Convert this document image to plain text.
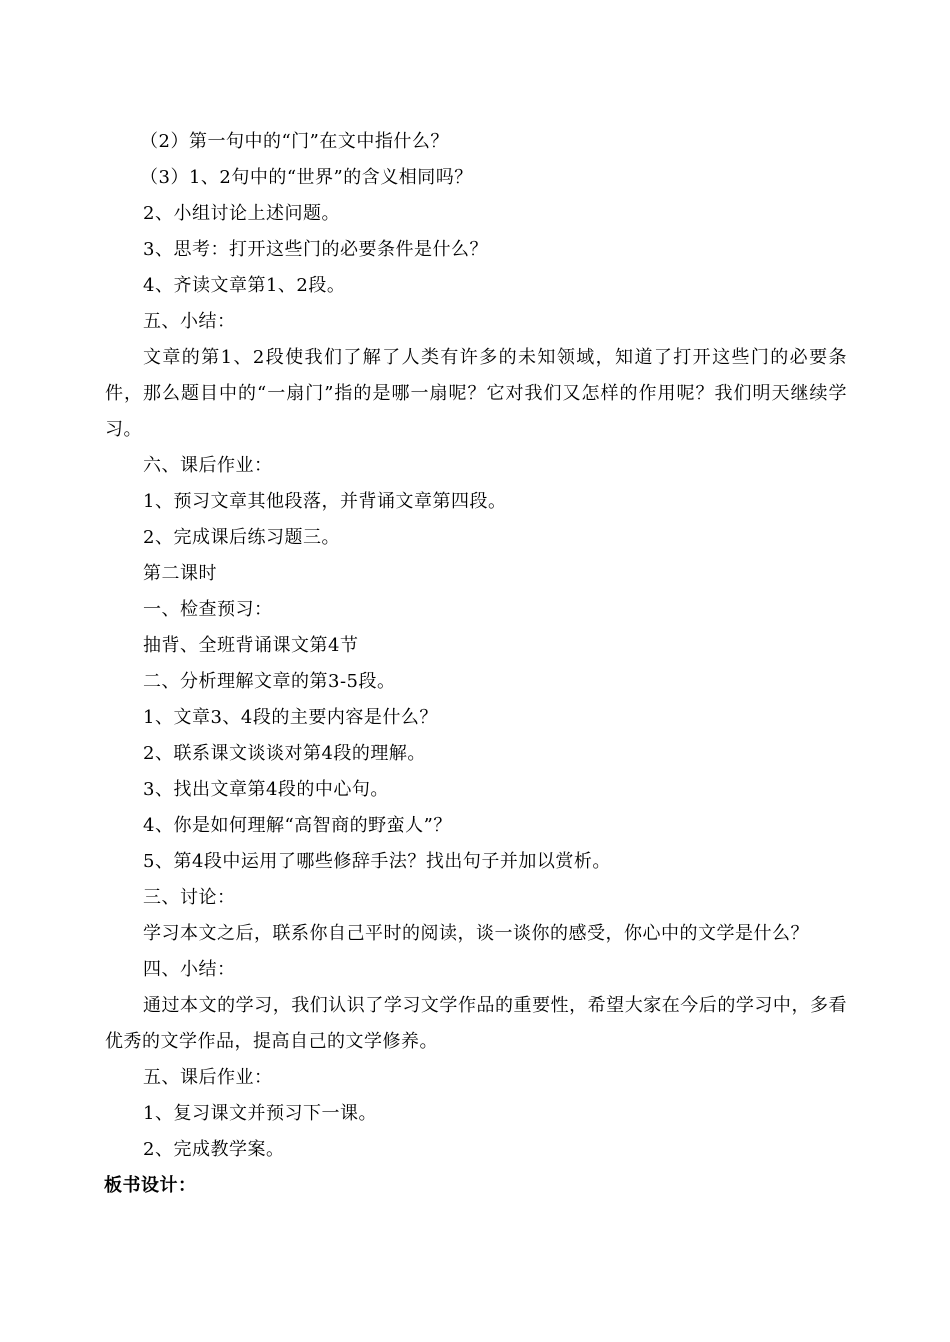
（2）第一句中的“门”在文中指什么？
（3）1、2句中的“世界”的含义相同吗？
2、小组讨论上述问题。
3、思考：打开这些门的必要条件是什么？
4、齐读文章第1、2段。
五、小结：
文章的第1、2段使我们了解了人类有许多的未知领域，知道了打开这些门的必要条件，那么题目中的“一扇门”指的是哪一扇呢？它对我们又怎样的作用呢？我们明天继续学习。
六、课后作业：
1、预习文章其他段落，并背诵文章第四段。
2、完成课后练习题三。
第二课时
一、检查预习：
抽背、全班背诵课文第4节
二、分析理解文章的第3-5段。
1、文章3、4段的主要内容是什么？
2、联系课文谈谈对第4段的理解。
3、找出文章第4段的中心句。
4、你是如何理解“高智商的野蛮人”？
5、第4段中运用了哪些修辞手法？找出句子并加以赏析。
三、讨论：
学习本文之后，联系你自己平时的阅读，谈一谈你的感受，你心中的文学是什么？
四、小结：
通过本文的学习，我们认识了学习文学作品的重要性，希望大家在今后的学习中，多看优秀的文学作品，提高自己的文学修养。
五、课后作业：
1、复习课文并预习下一课。
2、完成教学案。
板书设计：
